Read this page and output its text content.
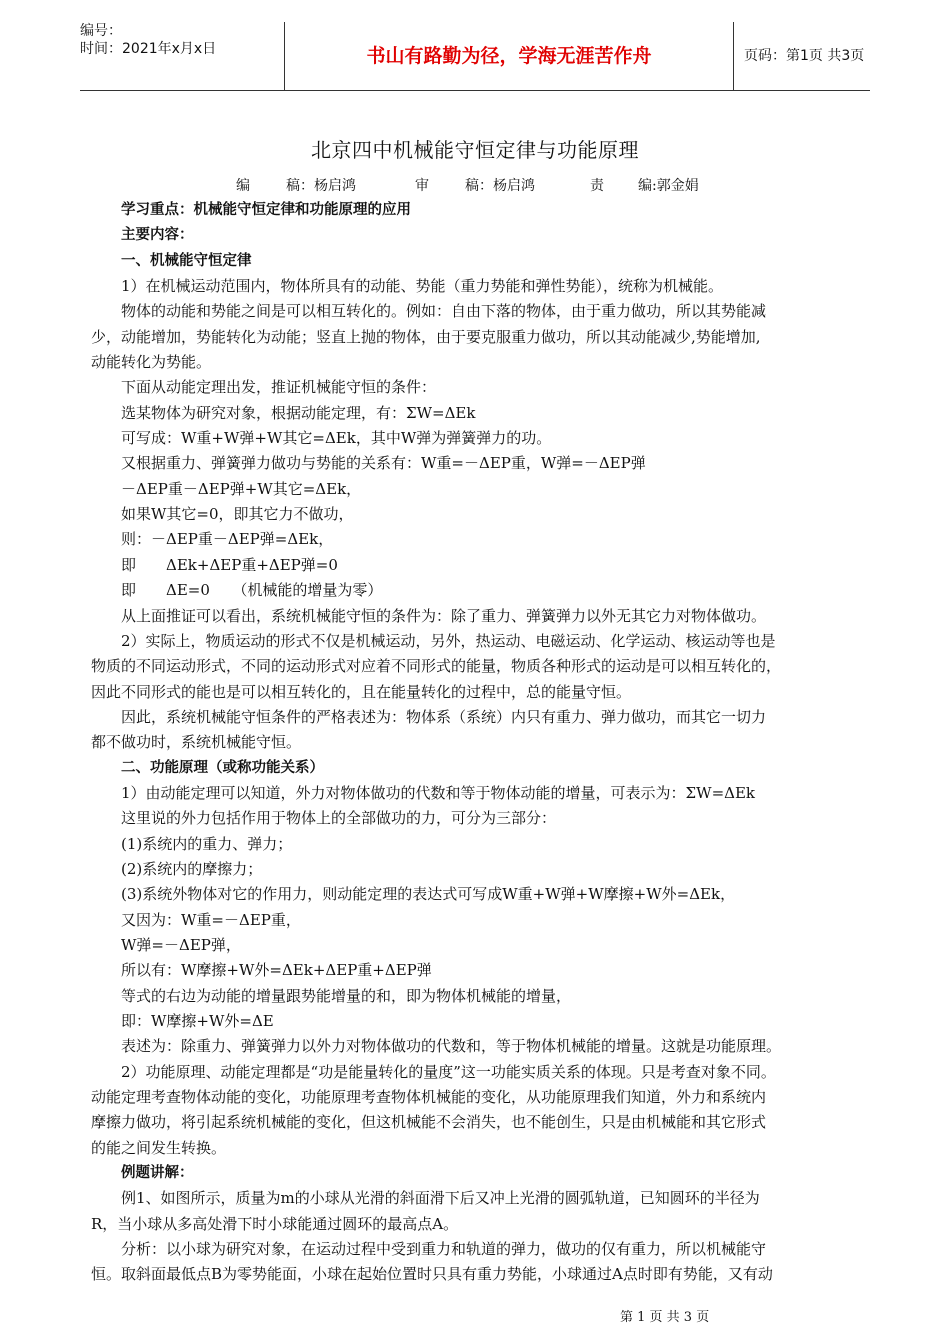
编号：
时间：2021年x月x日	书山有路勤为径，学海无涯苦作舟	页码：第1页 共3页
北京四中机械能守恒定律与功能原理
编	稿：杨启鸿	审	稿：杨启鸿	责 编:郭金娟

学习重点：机械能守恒定律和功能原理的应用

主要内容：

一、机械能守恒定律

1）在机械运动范围内，物体所具有的动能、势能（重力势能和弹性势能），统称为机械能。

物体的动能和势能之间是可以相互转化的。例如：自由下落的物体，由于重力做功，所以其势能减

少，动能增加，势能转化为动能；竖直上抛的物体，由于要克服重力做功，所以其动能减少,势能增加,

动能转化为势能。

下面从动能定理出发，推证机械能守恒的条件：

选某物体为研究对象，根据动能定理，有：ΣW=ΔEk

可写成：W重+W弹+W其它=ΔEk，其中W弹为弹簧弹力的功。

又根据重力、弹簧弹力做功与势能的关系有：W重=－ΔEP重，W弹=－ΔEP弹

－ΔEP重－ΔEP弹+W其它=ΔEk，

如果W其它=0，即其它力不做功，

则：－ΔEP重－ΔEP弹=ΔEk，

即　　ΔEk+ΔEP重+ΔEP弹=0

即　　ΔE=0　　（机械能的增量为零）

从上面推证可以看出，系统机械能守恒的条件为：除了重力、弹簧弹力以外无其它力对物体做功。

2）实际上，物质运动的形式不仅是机械运动，另外，热运动、电磁运动、化学运动、核运动等也是

物质的不同运动形式，不同的运动形式对应着不同形式的能量，物质各种形式的运动是可以相互转化的，

因此不同形式的能也是可以相互转化的，且在能量转化的过程中，总的能量守恒。

因此，系统机械能守恒条件的严格表述为：物体系（系统）内只有重力、弹力做功，而其它一切力

都不做功时，系统机械能守恒。

二、功能原理（或称功能关系）

1）由动能定理可以知道，外力对物体做功的代数和等于物体动能的增量，可表示为：ΣW=ΔEk

这里说的外力包括作用于物体上的全部做功的力，可分为三部分：

(1)系统内的重力、弹力；

(2)系统内的摩擦力；

(3)系统外物体对它的作用力，则动能定理的表达式可写成W重+W弹+W摩擦+W外=ΔEk，

又因为：W重=－ΔEP重，

W弹=－ΔEP弹，

所以有：W摩擦+W外=ΔEk+ΔEP重+ΔEP弹

等式的右边为动能的增量跟势能增量的和，即为物体机械能的增量，

即：W摩擦+W外=ΔE

表述为：除重力、弹簧弹力以外力对物体做功的代数和，等于物体机械能的增量。这就是功能原理。

2）功能原理、动能定理都是“功是能量转化的量度”这一功能实质关系的体现。只是考查对象不同。

动能定理考查物体动能的变化，功能原理考查物体机械能的变化，从功能原理我们知道，外力和系统内

摩擦力做功，将引起系统机械能的变化，但这机械能不会消失，也不能创生，只是由机械能和其它形式

的能之间发生转换。

例题讲解：

例1、如图所示，质量为m的小球从光滑的斜面滑下后又冲上光滑的圆弧轨道，已知圆环的半径为

R，当小球从多高处滑下时小球能通过圆环的最高点A。

分析：以小球为研究对象，在运动过程中受到重力和轨道的弹力，做功的仅有重力，所以机械能守

恒。取斜面最低点B为零势能面，小球在起始位置时只具有重力势能，小球通过A点时即有势能，又有动

第 1 页 共 3 页
